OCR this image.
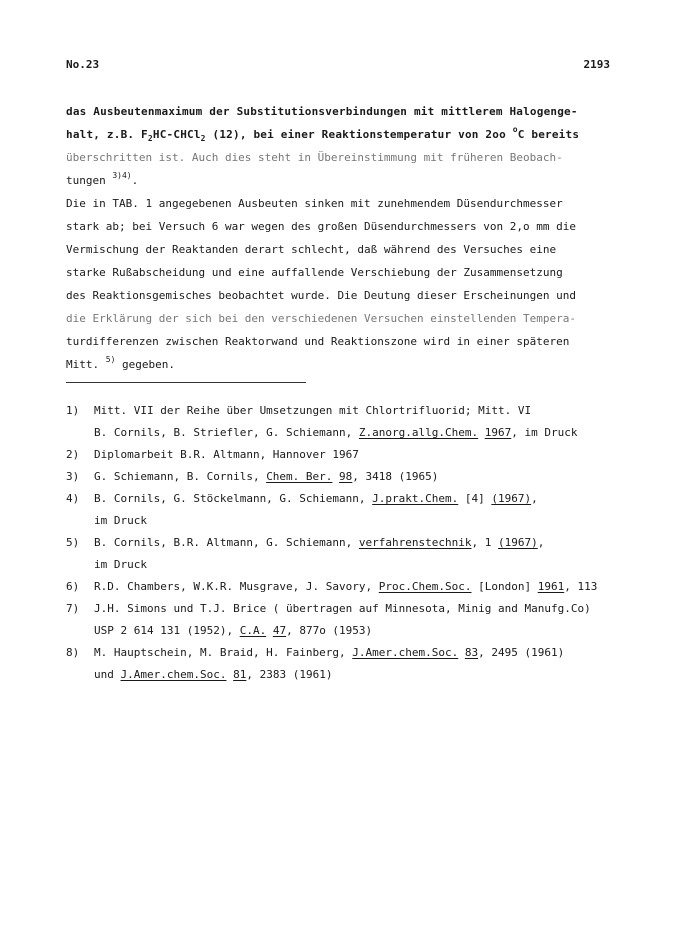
No.23	2193
das Ausbeutenmaximum der Substitutionsverbindungen mit mittlerem Halogenge-
halt, z.B. $F_2HC-CHCl_2$ (12), bei einer Reaktionstemperatur von 2oo $^o$C bereits
überschritten ist. Auch dies steht in Übereinstimmung mit früheren Beobach-
tungen $^{3)4)}$.
Die in TAB. 1 angegebenen Ausbeuten sinken mit zunehmendem Düsendurchmesser
stark ab; bei Versuch 6 war wegen des großen Düsendurchmessers von 2,o mm die
Vermischung der Reaktanden derart schlecht, daß während des Versuches eine
starke Rußabscheidung und eine auffallende Verschiebung der Zusammensetzung
des Reaktionsgemisches beobachtet wurde. Die Deutung dieser Erscheinungen und
die Erklärung der sich bei den verschiedenen Versuchen einstellenden Tempera-
turdifferenzen zwischen Reaktorwand und Reaktionszone wird in einer späteren
Mitt. $^{5)}$ gegeben.
1) Mitt. VII der Reihe über Umsetzungen mit Chlortrifluorid; Mitt. VI
B. Cornils, B. Striefler, G. Schiemann, Z.anorg.allg.Chem. 1967, im Druck
2) Diplomarbeit B.R. Altmann, Hannover 1967
3) G. Schiemann, B. Cornils, Chem. Ber. 98, 3418 (1965)
4) B. Cornils, G. Stöckelmann, G. Schiemann, J.prakt.Chem. [4] (1967),
im Druck
5) B. Cornils, B.R. Altmann, G. Schiemann, verfahrenstechnik, 1 (1967),
im Druck
6) R.D. Chambers, W.K.R. Musgrave, J. Savory, Proc.Chem.Soc. [London] 1961, 113
7) J.H. Simons und T.J. Brice ( übertragen auf Minnesota, Minig and Manufg.Co)
USP 2 614 131 (1952), C.A. 47, 877o (1953)
8) M. Hauptschein, M. Braid, H. Fainberg, J.Amer.chem.Soc. 83, 2495 (1961)
und J.Amer.chem.Soc. 81, 2383 (1961)
